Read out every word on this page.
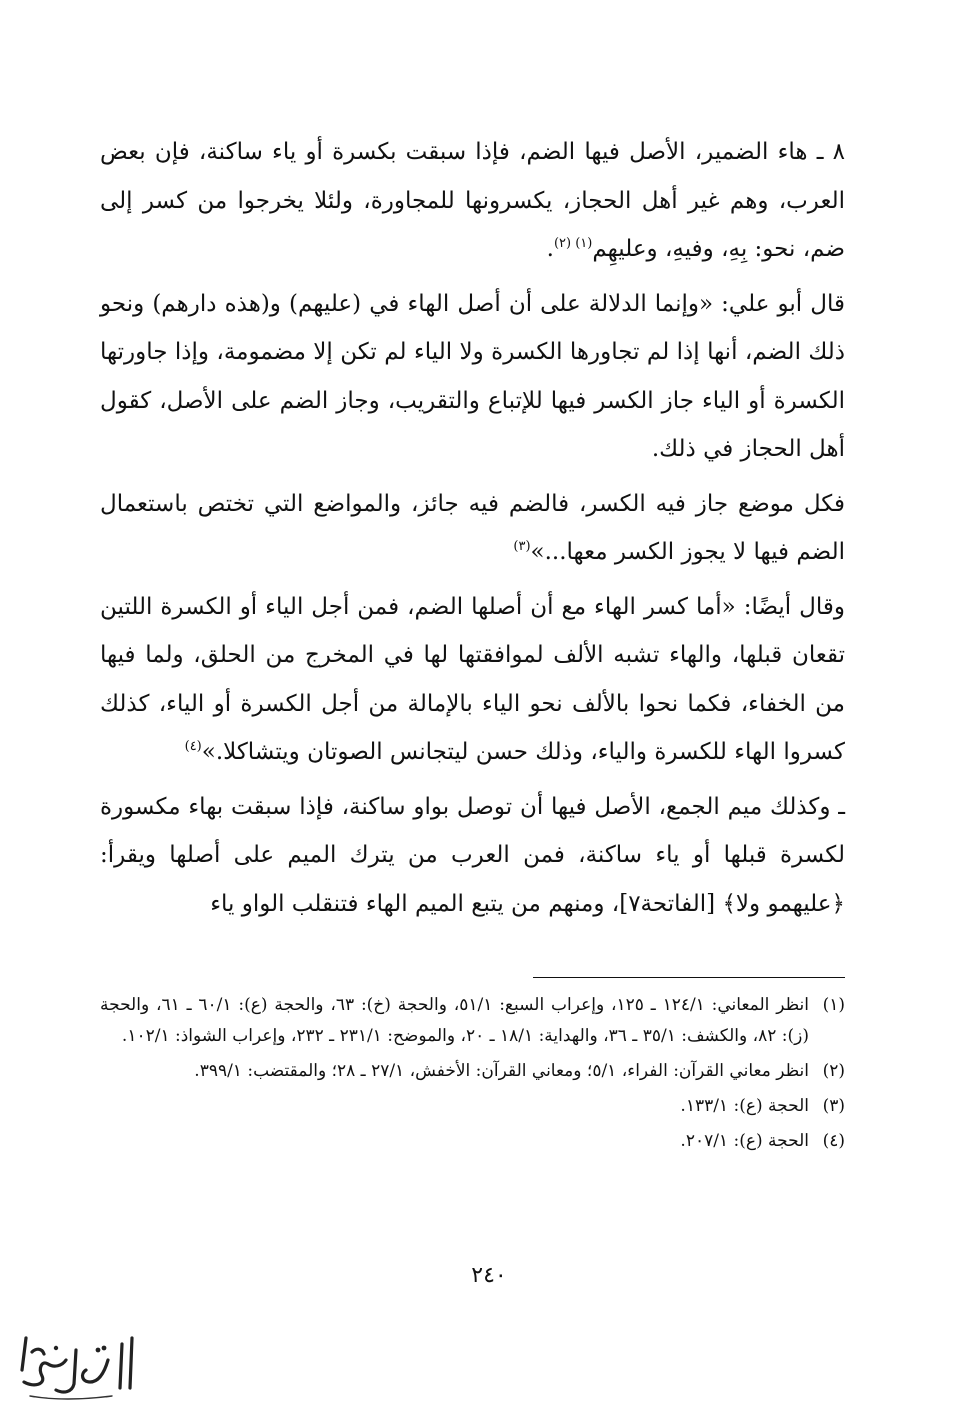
٨ ـ هاء الضمير، الأصل فيها الضم، فإذا سبقت بكسرة أو ياء ساكنة، فإن بعض العرب، وهم غير أهل الحجاز، يكسرونها للمجاورة، ولئلا يخرجوا من كسر إلى ضم، نحو: بِهِ، وفيهِ، وعليهِم$^{(١) (٢)}$.

قال أبو علي: «وإنما الدلالة على أن أصل الهاء في (عليهم) و(هذه دارهم) ونحو ذلك الضم، أنها إذا لم تجاورها الكسرة ولا الياء لم تكن إلا مضمومة، وإذا جاورتها الكسرة أو الياء جاز الكسر فيها للإتباع والتقريب، وجاز الضم على الأصل، كقول أهل الحجاز في ذلك.

فكل موضع جاز فيه الكسر، فالضم فيه جائز، والمواضع التي تختص باستعمال الضم فيها لا يجوز الكسر معها...»$^{(٣)}$

وقال أيضًا: «أما كسر الهاء مع أن أصلها الضم، فمن أجل الياء أو الكسرة اللتين تقعان قبلها، والهاء تشبه الألف لموافقتها لها في المخرج من الحلق، ولما فيها من الخفاء، فكما نحوا بالألف نحو الياء بالإمالة من أجل الكسرة أو الياء، كذلك كسروا الهاء للكسرة والياء، وذلك حسن ليتجانس الصوتان ويتشاكلا.»$^{(٤)}$

ـ وكذلك ميم الجمع، الأصل فيها أن توصل بواو ساكنة، فإذا سبقت بهاء مكسورة لكسرة قبلها أو ياء ساكنة، فمن العرب من يترك الميم على أصلها ويقرأ: ﴿عليهمو ولا﴾ [الفاتحة٧]، ومنهم من يتبع الميم الهاء فتنقلب الواو ياء

(١)
انظر المعاني: ١٢٤/١ ـ ١٢٥، وإعراب السبع: ٥١/١، والحجة (خ): ٦٣، والحجة (ع): ٦٠/١ ـ ٦١، والحجة (ز): ٨٢، والكشف: ٣٥/١ ـ ٣٦، والهداية: ١٨/١ ـ ٢٠، والموضح: ٢٣١/١ ـ ٢٣٢، وإعراب الشواذ: ١٠٢/١.

(٢)
انظر معاني القرآن: الفراء، ٥/١؛ ومعاني القرآن: الأخفش، ٢٧/١ ـ ٢٨؛ والمقتضب: ٣٩٩/١.

(٣)
الحجة (ع): ١٣٣/١.

(٤)
الحجة (ع): ٢٠٧/١.

٢٤٠
